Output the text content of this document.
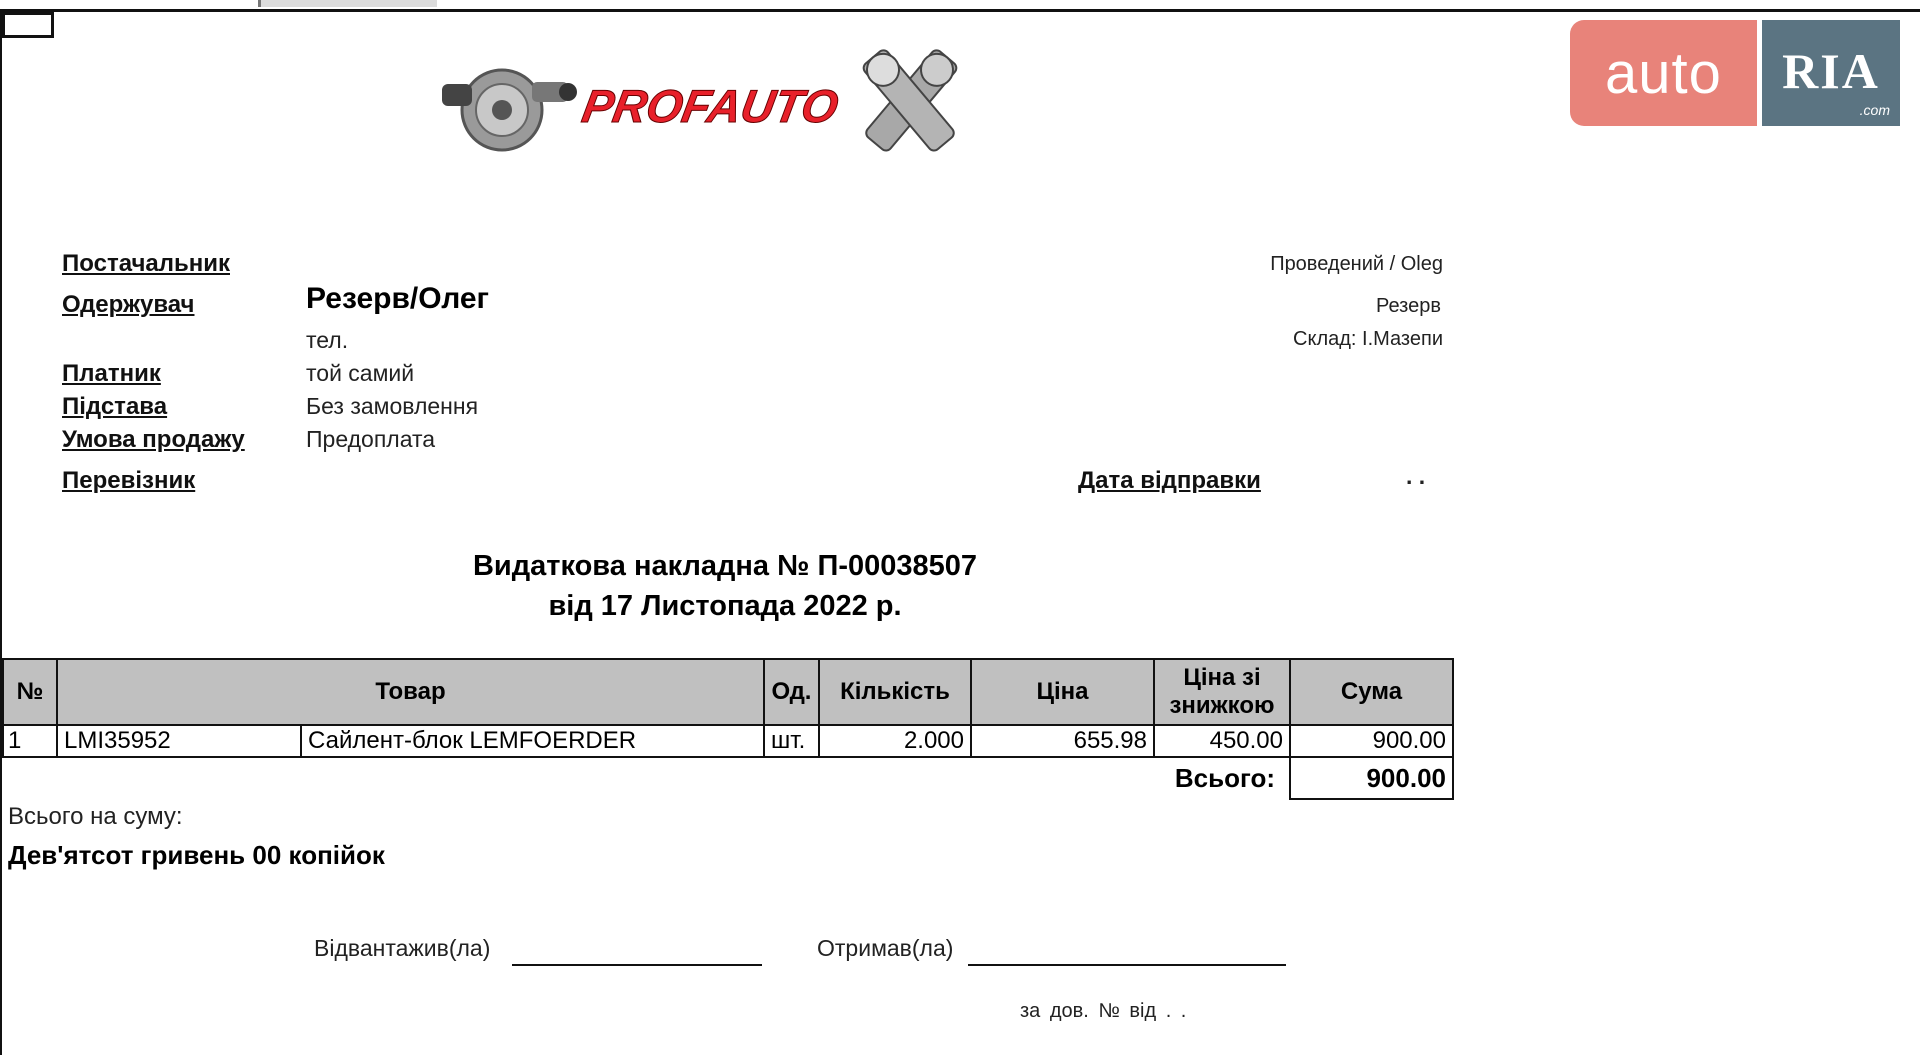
PROFAUTO
auto	RIA
.com
Постачальник
Одержувач	Резерв/Олег
тел.
Платник	той самий
Підстава	Без замовлення
Умова продажу	Предоплата
Перевізник	Дата відправки	. .
Проведений / Oleg
Резерв
Склад: І.Мазепи
Видаткова накладна № П-00038507
від 17 Листопада 2022 р.
№	Товар		Од.	Кількість	Ціна	Ціна зі знижкою	Сума
1	LMI35952	Сайлент-блок LEMFOERDER	шт.	2.000	655.98	450.00	900.00
Всього:							900.00
Всього на суму:
Дев'ятсот гривень 00 копійок
Відвантажив(ла)	Отримав(ла)
за дов. № від . .
